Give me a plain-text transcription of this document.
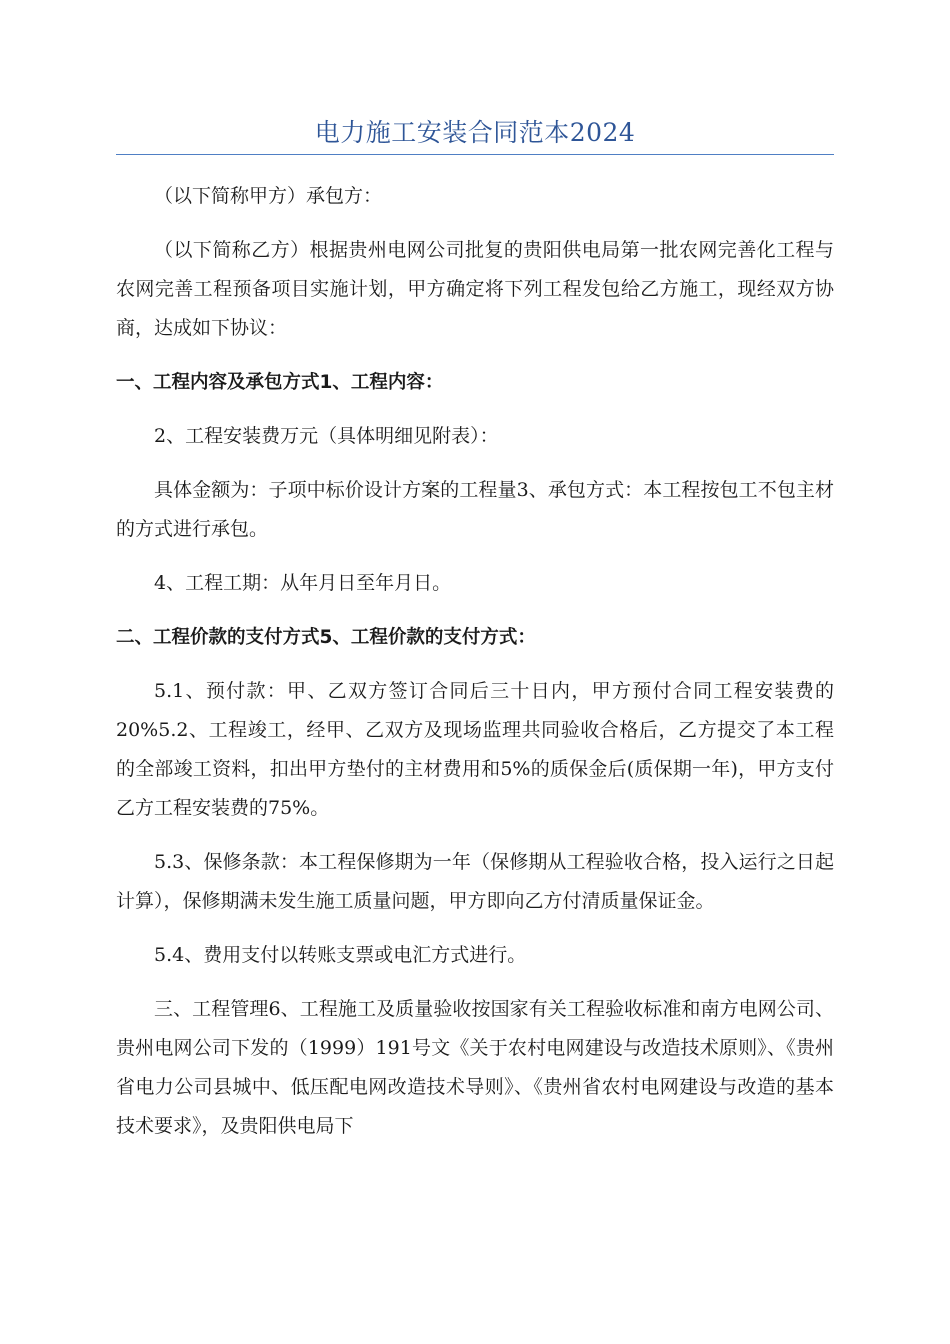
电力施工安装合同范本2024

（以下简称甲方）承包方：

（以下简称乙方）根据贵州电网公司批复的贵阳供电局第一批农网完善化工程与农网完善工程预备项目实施计划，甲方确定将下列工程发包给乙方施工，现经双方协商，达成如下协议：

一、工程内容及承包方式1、工程内容：

2、工程安装费万元（具体明细见附表）：

具体金额为：子项中标价设计方案的工程量3、承包方式：本工程按包工不包主材的方式进行承包。

4、工程工期：从年月日至年月日。

二、工程价款的支付方式5、工程价款的支付方式：

5.1、预付款：甲、乙双方签订合同后三十日内，甲方预付合同工程安装费的20%5.2、工程竣工，经甲、乙双方及现场监理共同验收合格后，乙方提交了本工程的全部竣工资料，扣出甲方垫付的主材费用和5%的质保金后(质保期一年)，甲方支付乙方工程安装费的75%。

5.3、保修条款：本工程保修期为一年（保修期从工程验收合格，投入运行之日起计算），保修期满未发生施工质量问题，甲方即向乙方付清质量保证金。

5.4、费用支付以转账支票或电汇方式进行。

三、工程管理6、工程施工及质量验收按国家有关工程验收标准和南方电网公司、贵州电网公司下发的（1999）191号文《关于农村电网建设与改造技术原则》、《贵州省电力公司县城中、低压配电网改造技术导则》、《贵州省农村电网建设与改造的基本技术要求》，及贵阳供电局下
